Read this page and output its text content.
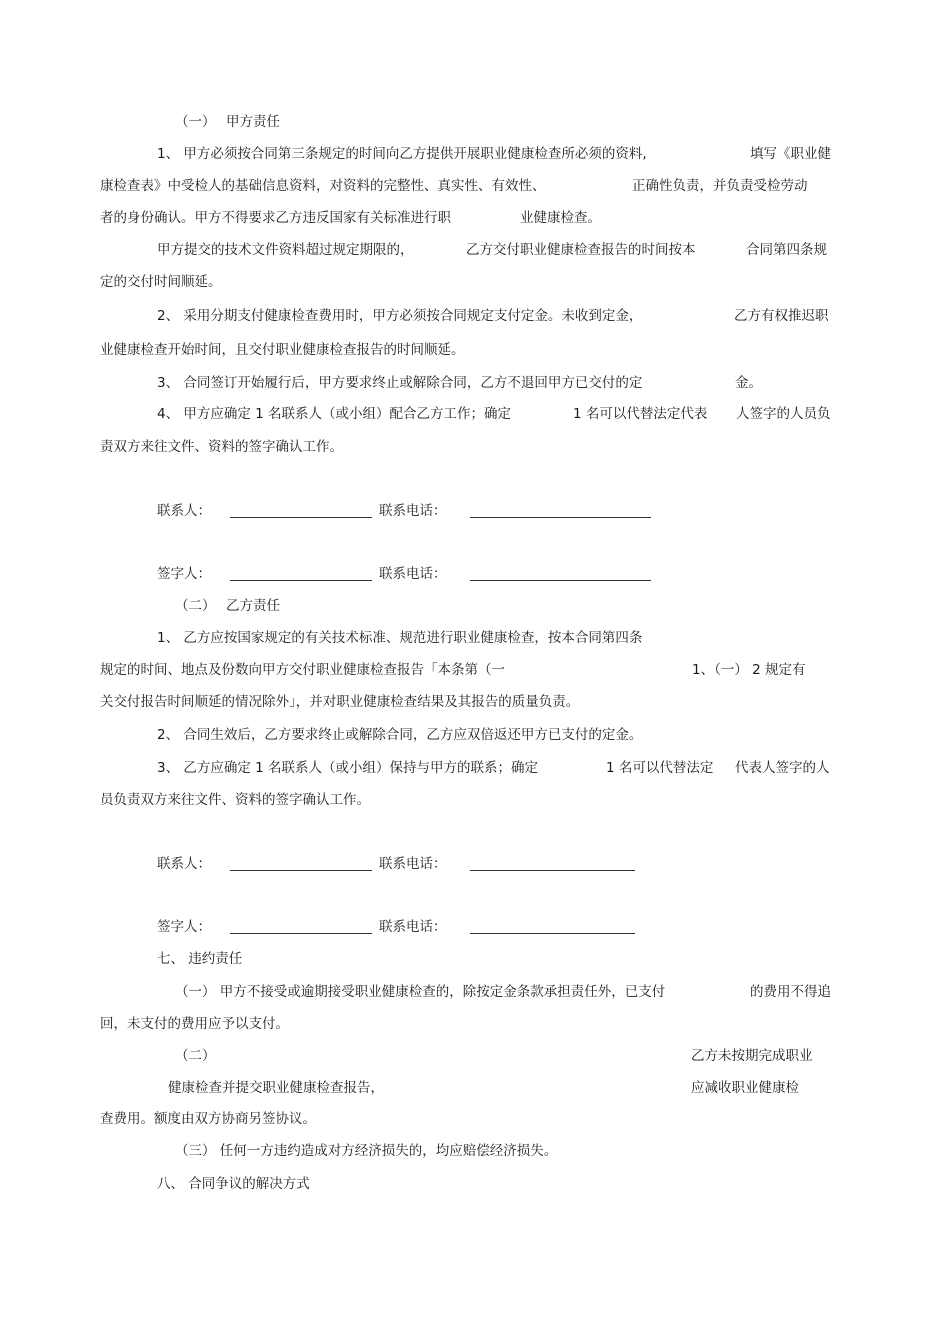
（一） 甲方责任
1、 甲方必须按合同第三条规定的时间向乙方提供开展职业健康检查所必须的资料,	填写《职业健
康检查表》中受检人的基础信息资料，对资料的完整性、真实性、有效性、	正确性负责，并负责受检劳动
者的身份确认。甲方不得要求乙方违反国家有关标准进行职	业健康检查。
甲方提交的技术文件资料超过规定期限的，	乙方交付职业健康检查报告的时间按本	合同第四条规
定的交付时间顺延。
2、 采用分期支付健康检查费用时，甲方必须按合同规定支付定金。未收到定金，	乙方有权推迟职
业健康检查开始时间，且交付职业健康检查报告的时间顺延。
3、 合同签订开始履行后，甲方要求终止或解除合同，乙方不退回甲方已交付的定	金。
4、 甲方应确定 1 名联系人（或小组）配合乙方工作；确定	1 名可以代替法定代表 人签字的人员负
责双方来往文件、资料的签字确认工作。
联系人：	联系电话：
签字人：	联系电话：
（二） 乙方责任
1、 乙方应按国家规定的有关技术标准、规范进行职业健康检查，按本合同第四条
规定的时间、地点及份数向甲方交付职业健康检查报告「本条第（一	1、（一） 2 规定有
关交付报告时间顺延的情况除外」，并对职业健康检查结果及其报告的质量负责。
2、 合同生效后，乙方要求终止或解除合同，乙方应双倍返还甲方已支付的定金。
3、 乙方应确定 1 名联系人（或小组）保持与甲方的联系；确定	1 名可以代替法定 代表人签字的人
员负责双方来往文件、资料的签字确认工作。
联系人：	联系电话：
签字人：	联系电话：
七、 违约责任
（一） 甲方不接受或逾期接受职业健康检查的，除按定金条款承担责任外，已支付	的费用不得追
回，未支付的费用应予以支付。
（二）	乙方未按期完成职业
健康检查并提交职业健康检查报告，	应减收职业健康检
查费用。额度由双方协商另签协议。
（三） 任何一方违约造成对方经济损失的，均应赔偿经济损失。
八、 合同争议的解决方式
